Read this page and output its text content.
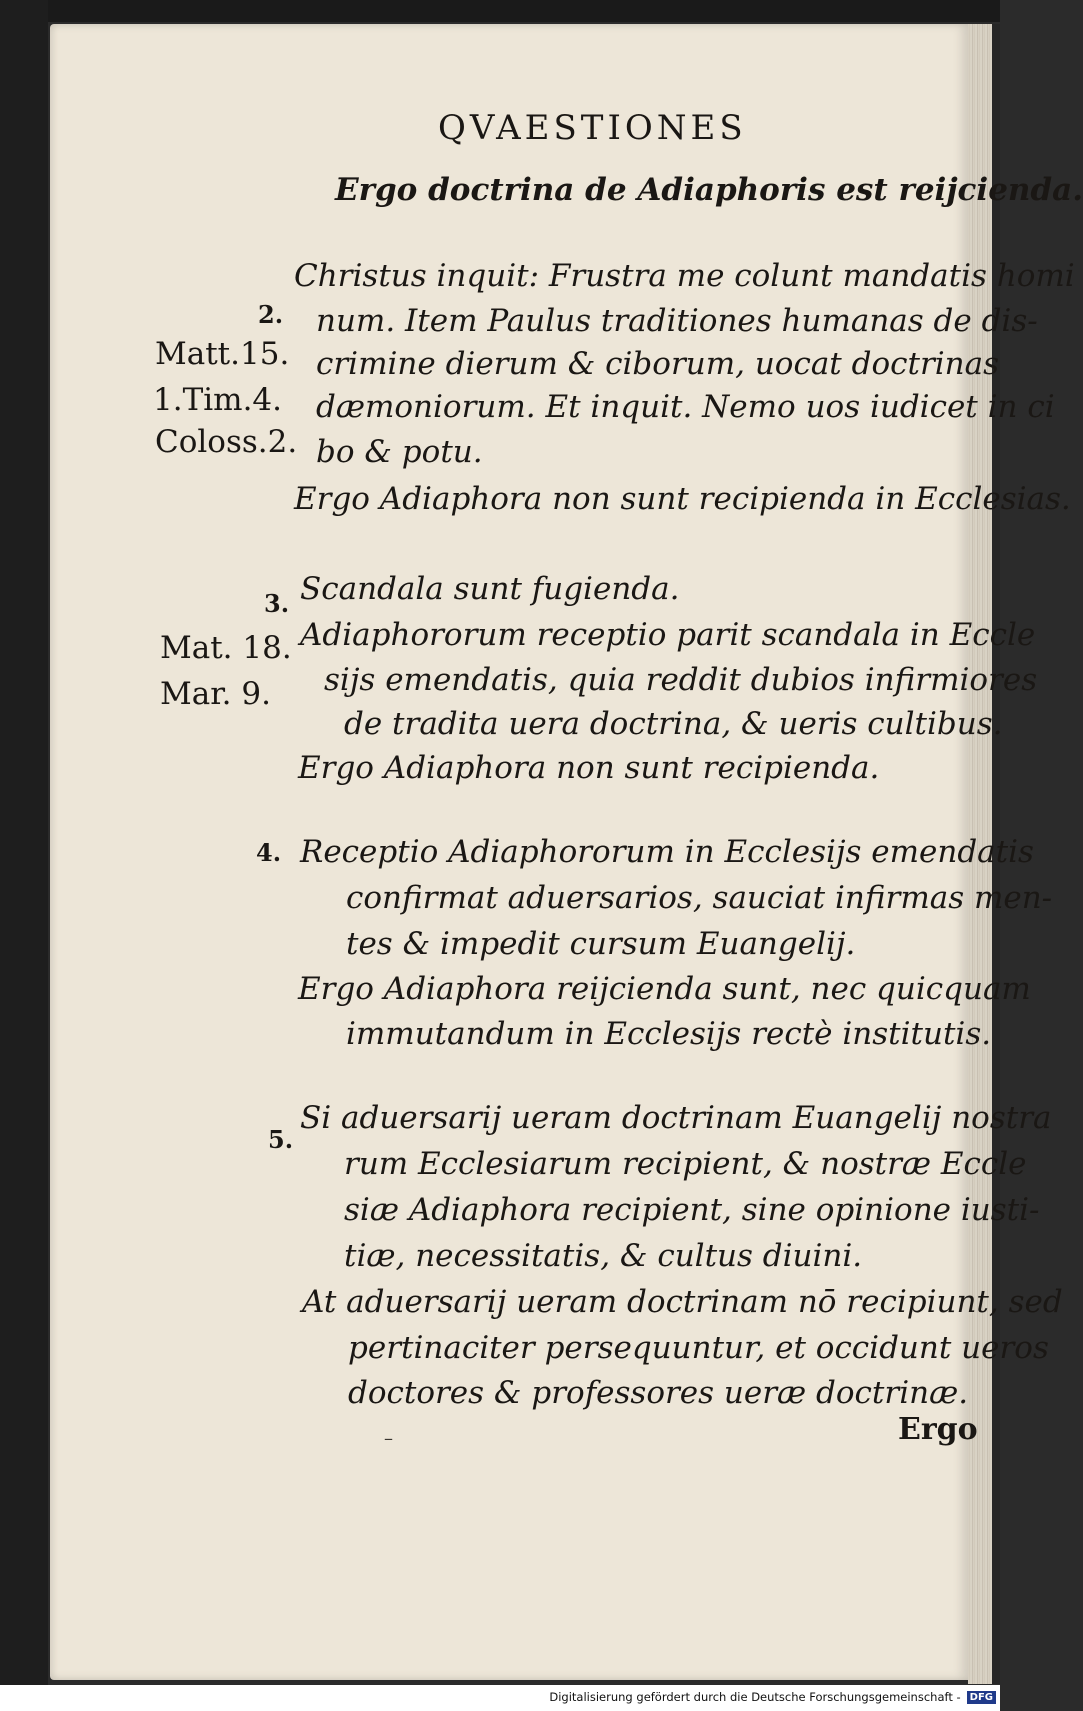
QVAESTIONES
Ergo doctrina de Adiaphoris est reijcienda.
2.
Matt.15.
1.Tim.4.
Coloss.2.
Christus inquit: Frustra me colunt mandatis homi
num. Item Paulus traditiones humanas de dis-
crimine dierum & ciborum, uocat doctrinas
dæmoniorum. Et inquit. Nemo uos iudicet in ci
bo & potu.
Ergo Adiaphora non sunt recipienda in Ecclesias.
3.
Mat. 18.
Mar. 9.
Scandala sunt fugienda.
Adiaphororum receptio parit scandala in Eccle
sijs emendatis, quia reddit dubios infirmiores
de tradita uera doctrina, & ueris cultibus.
Ergo Adiaphora non sunt recipienda.
4. Receptio Adiaphororum in Ecclesijs emendatis
confirmat aduersarios, sauciat infirmas men-
tes & impedit cursum Euangelij.
Ergo Adiaphora reijcienda sunt, nec quicquam
immutandum in Ecclesijs rectè institutis.
5.
Si aduersarij ueram doctrinam Euangelij nostra
rum Ecclesiarum recipient, & nostræ Eccle
siæ Adiaphora recipient, sine opinione iusti-
tiæ, necessitatis, & cultus diuini.
At aduersarij ueram doctrinam nō recipiunt, sed
pertinaciter persequuntur, et occidunt ueros
doctores & professores ueræ doctrinæ.
Ergo
–
Digitalisierung gefördert durch die Deutsche Forschungsgemeinschaft - DFG
